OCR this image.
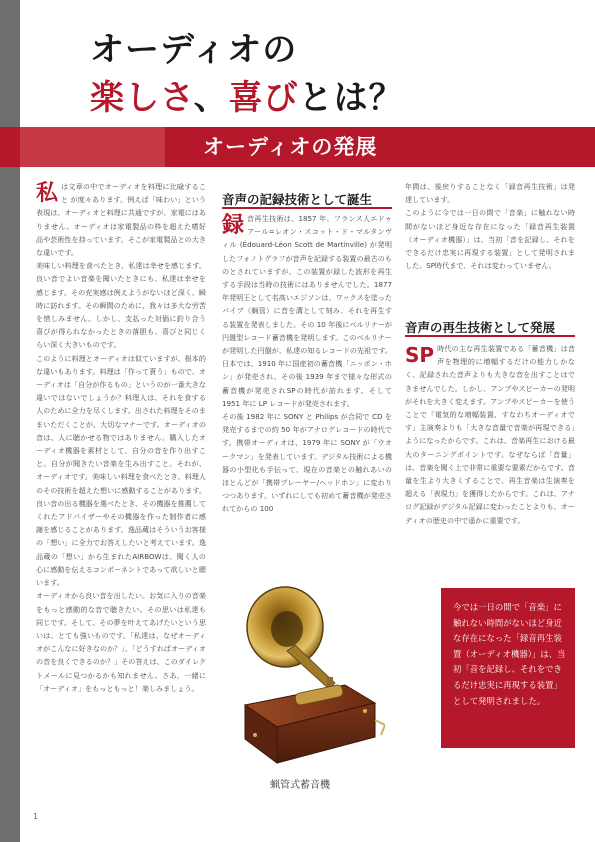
オーディオの
楽しさ、喜びとは？
オーディオの発展
私 は文章の中でオーディオを料理に比喩すること が度々あります。例えば「味わい」という表現は、オーディオと料理に共通ですが、家電にはありません。オーディオは家電製品の枠を超えた嗜好品や芸術性を持っています。そこが家電製品との大きな違いです。

美味しい料理を食べたとき、私達は幸せを感じます。良い音でよい音楽を聞いたときにも、私達は幸せを感じます。その充実感は例えようがないほど深く、瞬時に訪れます。その瞬間のために、我々は多大な労苦を惜しみません。しかし、支払った対価に釣り合う喜びが得られなかったときの落胆も、喜びと同じくらい深く大きいものです。

このように料理とオーディオは似ていますが、根本的な違いもあります。料理は「作って貰う」もので、オーディオは「自分が作るもの」というのが一番大きな違いではないでしょうか？料理人は、それを食する人のために全力を尽くします。出された料理をそのままいただくことが、大切なマナーです。オーディオの音は、人に聴かせる物ではありません。購入したオーディオ機器を素材として、自分の音を作り出すこと。自分が聞きたい音楽を生み出すこと。それが、オーディオです。美味しい料理を食べたとき、料理人のその技術を超えた想いに感動することがあります。良い音の出る機器を選べたとき、その機器を推薦してくれたアドバイザーやその機器を作った制作者に感謝を感じることがあります。逸品蔵はそういうお客様の「想い」に全力でお答えしたいと考えています。逸品蔵の「想い」から生まれたAIRBOWは、聞く人の心に感動を伝えるコンポーネントであって欲しいと願います。

オーディオから良い音を出したい。お気に入りの音楽をもっと感動的な音で聴きたい。その思いは私達も同じです。そして、その夢を叶えてあげたいという思いは、とても強いものです。「私達は、なぜオーディオがこんなに好きなのか？」、「どうすればオーディオの音を良くできるのか？」その答えは、このダイレクトメールに見つかるかも知れません。さあ、一緒に「オーディオ」をもっともっと！楽しみましょう。

音声の記録技術として誕生
録 音再生技術は、1857 年、フランス人エドゥアール=レオン・スコット・ド・マルタンヴィル (Édouard-Léon Scott de Martinville) が発明したフォノトグラフが音声を記録する装置の最古のものとされていますが、この装置が録した波形を再生する手段は当時の技術にはありませんでした。1877 年発明王として名高いエジソンは、ワックスを塗ったパイプ（蝋管）に音を溝として刻み、それを再生する装置を発表しました。その 10 年後にベルリナーが円盤型レコード蓄音機を発明します。このベルリナーが発明した円盤が、私達の知るレコードの先祖です。日本では、1910 年に国産初の蓄音機「ニッポン・ホン」が発売され、その後 1939 年まで様々な形式の蓄音機が発売されSPの時代が訪れます。そして 1951 年に LP レコードが発売されます。

その後 1982 年に SONY と Philips が合同で CD を発売するまでの約 50 年がアナログレコードの時代です。携帯オーディオは、1979 年に SONY が「ウオークマン」を発表しています。デジタル技術による機器の小型化も手伝って、現在の音楽との触れあいのほとんどが「携帯プレーヤー/ヘッドホン」に変わりつつあります。いずれにしても初めて蓄音機が発売されてからの 100

年間は、後戻りすることなく「録音再生技術」は発達しています。

このように今では一日の間で「音楽」に触れない時間がないほど身近な存在になった「録音再生装置（オーディオ機器）」は、当初「音を記録し、それをできるだけ忠実に再現する装置」として発明されました。SP時代まで、それは変わっていません。

音声の再生技術として発展
SP 時代の主な再生装置である「蓄音機」は音声を物理的に増幅するだけの能力しかなく、記録された音声よりも大きな音を出すことはできませんでした。しかし、アンプやスピーカーの発明がそれを大きく変えます。アンプやスピーカーを使うことで「電気的な増幅装置、すなわちオーディオです」主演奏よりも「大きな音量で音楽が再現できる」ようになったからです。これは、音楽再生における最大のターニングポイントです。なぜならば「音量」は、音楽を聞く上で非常に重要な要素だからです。音量を生より大きくすることで、再生音楽は生演奏を超える「表現力」を獲得したからです。これは、アナログ記録がデジタル記録に変わったことよりも、オーディオの歴史の中で遥かに重要です。

蝋管式蓄音機
今では一日の間で「音楽」に触れない時間がないほど身近な存在になった「録音再生装置（オーディオ機器）」は、当初「音を記録し、それをできるだけ忠実に再現する装置」として発明されました。
1
